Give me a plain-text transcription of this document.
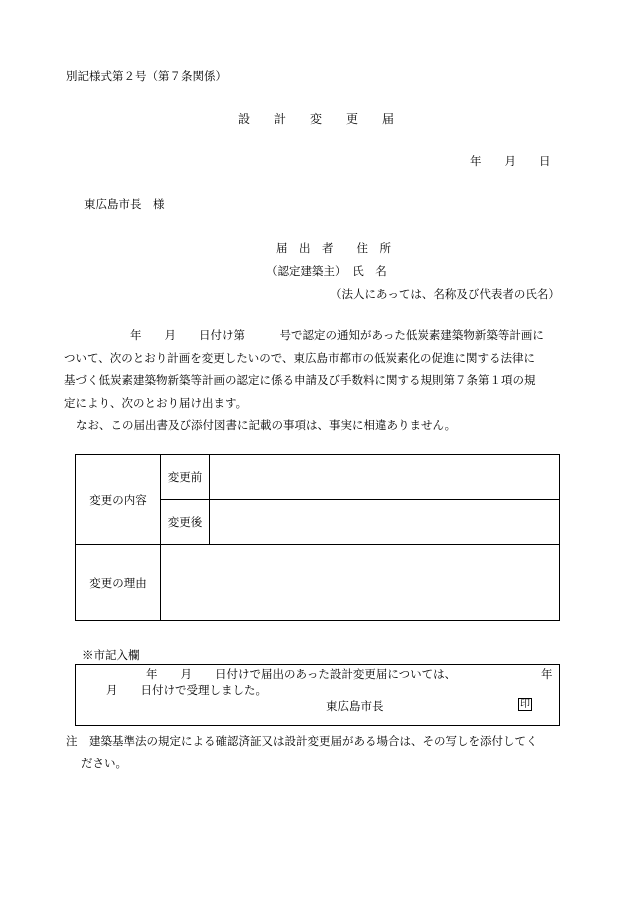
別記様式第２号（第７条関係）
設　　計　　変　　更　　届
年　　月　　日
東広島市長　様
届　出　者　　住　所
（認定建築主）　氏　名
（法人にあっては、名称及び代表者の氏名）

年　　月　　日付け第　　　号で認定の通知があった低炭素建築物新築等計画に

ついて、次のとおり計画を変更したいので、東広島市都市の低炭素化の促進に関する法律に

基づく低炭素建築物新築等計画の認定に係る申請及び手数料に関する規則第７条第１項の規

定により、次のとおり届け出ます。

なお、この届出書及び添付図書に記載の事項は、事実に相違ありません。

変更の内容	変更前	
	変更後	
変更の理由		
※市記入欄
年　　月　　日付けで届出のあった設計変更届については、	年
月　　日付けで受理しました。
東広島市長	印
注　建築基準法の規定による確認済証又は設計変更届がある場合は、その写しを添付してく
ださい。
